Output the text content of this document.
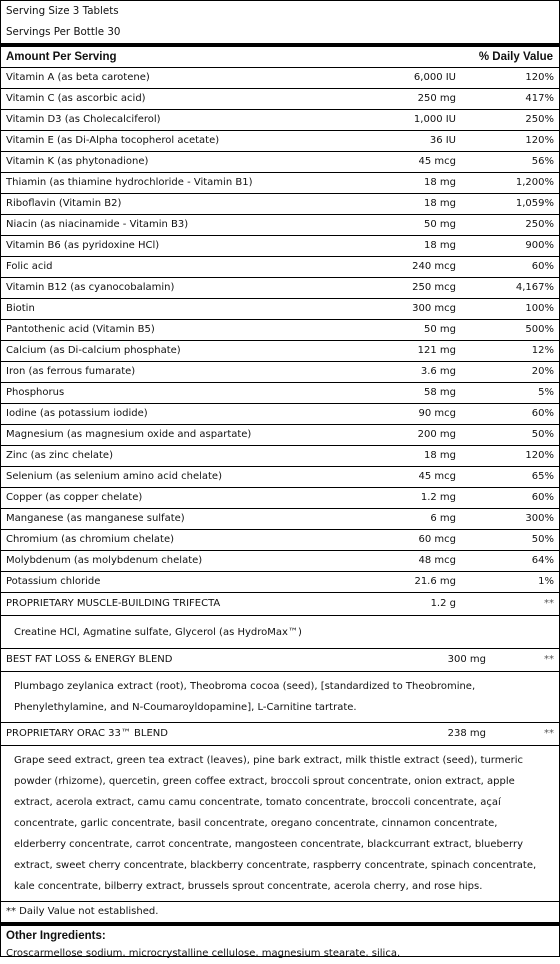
Serving Size 3 Tablets
Servings Per Bottle 30
Amount Per Serving	% Daily Value
Vitamin A (as beta carotene)	6,000 IU	120%
Vitamin C (as ascorbic acid)	250 mg	417%
Vitamin D3 (as Cholecalciferol)	1,000 IU	250%
Vitamin E (as Di-Alpha tocopherol acetate)	36 IU	120%
Vitamin K (as phytonadione)	45 mcg	56%
Thiamin (as thiamine hydrochloride - Vitamin B1)	18 mg	1,200%
Riboflavin (Vitamin B2)	18 mg	1,059%
Niacin (as niacinamide - Vitamin B3)	50 mg	250%
Vitamin B6 (as pyridoxine HCl)	18 mg	900%
Folic acid	240 mcg	60%
Vitamin B12 (as cyanocobalamin)	250 mcg	4,167%
Biotin	300 mcg	100%
Pantothenic acid (Vitamin B5)	50 mg	500%
Calcium (as Di-calcium phosphate)	121 mg	12%
Iron (as ferrous fumarate)	3.6 mg	20%
Phosphorus	58 mg	5%
Iodine (as potassium iodide)	90 mcg	60%
Magnesium (as magnesium oxide and aspartate)	200 mg	50%
Zinc (as zinc chelate)	18 mg	120%
Selenium (as selenium amino acid chelate)	45 mcg	65%
Copper (as copper chelate)	1.2 mg	60%
Manganese (as manganese sulfate)	6 mg	300%
Chromium (as chromium chelate)	60 mcg	50%
Molybdenum (as molybdenum chelate)	48 mcg	64%
Potassium chloride	21.6 mg	1%
PROPRIETARY MUSCLE-BUILDING TRIFECTA	1.2 g	**
Creatine HCl, Agmatine sulfate, Glycerol (as HydroMax™)
BEST FAT LOSS & ENERGY BLEND	300 mg	**
Plumbago zeylanica extract (root), Theobroma cocoa (seed), [standardized to Theobromine, Phenylethylamine, and N-Coumaroyldopamine], L-Carnitine tartrate.
PROPRIETARY ORAC 33™ BLEND	238 mg	**
Grape seed extract, green tea extract (leaves), pine bark extract, milk thistle extract (seed), turmeric powder (rhizome), quercetin, green coffee extract, broccoli sprout concentrate, onion extract, apple extract, acerola extract, camu camu concentrate, tomato concentrate, broccoli concentrate, açaí concentrate, garlic concentrate, basil concentrate, oregano concentrate, cinnamon concentrate, elderberry concentrate, carrot concentrate, mangosteen concentrate, blackcurrant extract, blueberry extract, sweet cherry concentrate, blackberry concentrate, raspberry concentrate, spinach concentrate, kale concentrate, bilberry extract, brussels sprout concentrate, acerola cherry, and rose hips.
** Daily Value not established.
Other Ingredients:
Croscarmellose sodium, microcrystalline cellulose, magnesium stearate, silica.
